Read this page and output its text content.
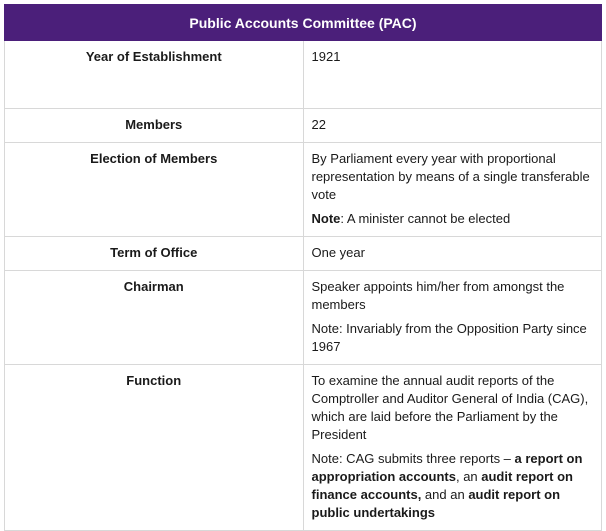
Public Accounts Committee (PAC)	
Year of Establishment	1921

Members	22

Election of Members	By Parliament every year with proportional representation by means of a single transferable vote

Note: A minister cannot be elected

Term of Office	One year

Chairman	Speaker appoints him/her from amongst the members

Note: Invariably from the Opposition Party since 1967

Function	To examine the annual audit reports of the Comptroller and Auditor General of India (CAG), which are laid before the Parliament by the President

Note: CAG submits three reports – a report on appropriation accounts, an audit report on finance accounts, and an audit report on public undertakings
